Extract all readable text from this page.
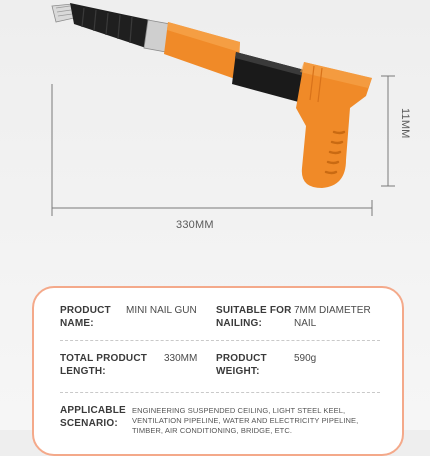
330MM
11MM
PRODUCT NAME:
MINI NAIL GUN SUITABLE FOR NAILING:
7MM DIAMETER NAIL
TOTAL PRODUCT LENGTH:
330MM PRODUCT WEIGHT:
590g
APPLICABLE SCENARIO:
ENGINEERING SUSPENDED CEILING, LIGHT STEEL KEEL, VENTILATION PIPELINE, WATER AND ELECTRICITY PIPELINE, TIMBER, AIR CONDITIONING, BRIDGE, ETC.
